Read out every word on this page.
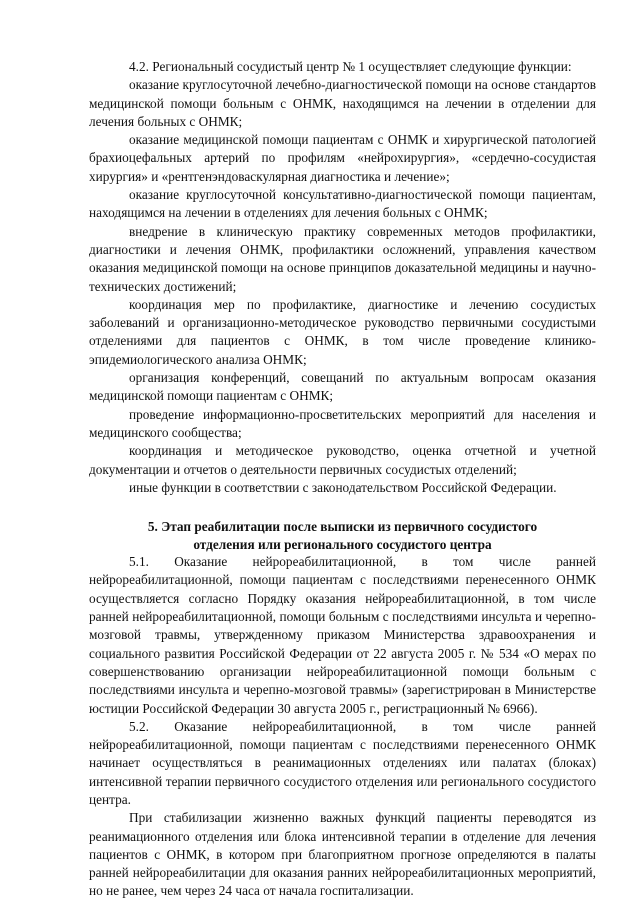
4.2. Региональный сосудистый центр № 1 осуществляет следующие функции:

оказание круглосуточной лечебно-диагностической помощи на основе стандартов медицинской помощи больным с ОНМК, находящимся на лечении в отделении для лечения больных с ОНМК;

оказание медицинской помощи пациентам с ОНМК и хирургической патологией брахиоцефальных артерий по профилям «нейрохирургия», «сердечно-сосудистая хирургия» и «рентгенэндоваскулярная диагностика и лечение»;

оказание круглосуточной консультативно-диагностической помощи пациентам, находящимся на лечении в отделениях для лечения больных с ОНМК;

внедрение в клиническую практику современных методов профилактики, диагностики и лечения ОНМК, профилактики осложнений, управления качеством оказания медицинской помощи на основе принципов доказательной медицины и научно-технических достижений;

координация мер по профилактике, диагностике и лечению сосудистых заболеваний и организационно-методическое руководство первичными сосудистыми отделениями для пациентов с ОНМК, в том числе проведение клинико-эпидемиологического анализа ОНМК;

организация конференций, совещаний по актуальным вопросам оказания медицинской помощи пациентам с ОНМК;

проведение информационно-просветительских мероприятий для населения и медицинского сообщества;

координация и методическое руководство, оценка отчетной и учетной документации и отчетов о деятельности первичных сосудистых отделений;

иные функции в соответствии с законодательством Российской Федерации.

5. Этап реабилитации после выписки из первичного сосудистого
отделения или регионального сосудистого центра

5.1. Оказание нейрореабилитационной, в том числе ранней нейрореабилитационной, помощи пациентам с последствиями перенесенного ОНМК осуществляется согласно Порядку оказания нейрореабилитационной, в том числе ранней нейрореабилитационной, помощи больным с последствиями инсульта и черепно-мозговой травмы, утвержденному приказом Министерства здравоохранения и социального развития Российской Федерации от 22 августа 2005 г. № 534 «О мерах по совершенствованию организации нейрореабилитационной помощи больным с последствиями инсульта и черепно-мозговой травмы» (зарегистрирован в Министерстве юстиции Российской Федерации 30 августа 2005 г., регистрационный № 6966).

5.2. Оказание нейрореабилитационной, в том числе ранней нейрореабилитационной, помощи пациентам с последствиями перенесенного ОНМК начинает осуществляться в реанимационных отделениях или палатах (блоках) интенсивной терапии первичного сосудистого отделения или регионального сосудистого центра.

При стабилизации жизненно важных функций пациенты переводятся из реанимационного отделения или блока интенсивной терапии в отделение для лечения пациентов с ОНМК, в котором при благоприятном прогнозе определяются в палаты ранней нейрореабилитации для оказания ранних нейрореабилитационных мероприятий, но не ранее, чем через 24 часа от начала госпитализации.
